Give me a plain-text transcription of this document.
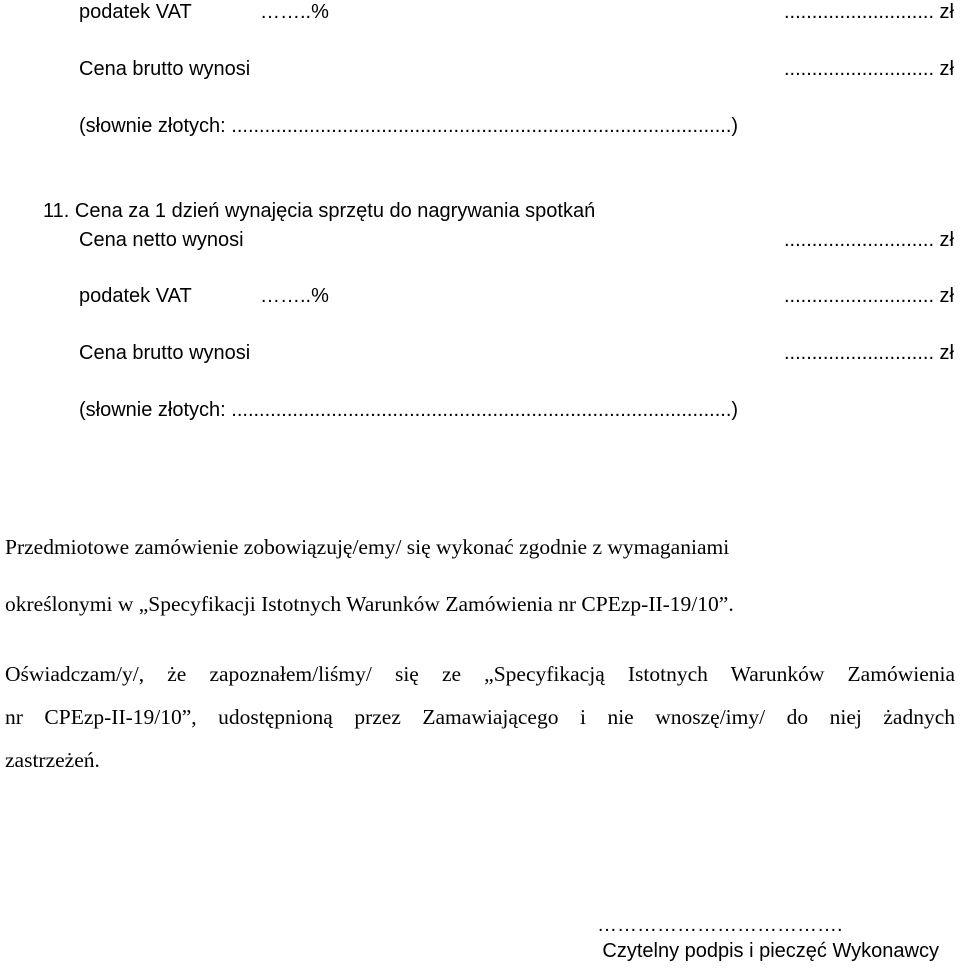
podatek VAT	……..%	........................... zł
Cena brutto wynosi	........................... zł
(słownie złotych: ..........................................................................................)
11. Cena za 1 dzień wynajęcia sprzętu do nagrywania spotkań
Cena netto wynosi	........................... zł
podatek VAT	……..%	........................... zł
Cena brutto wynosi	........................... zł
(słownie złotych: ..........................................................................................)
Przedmiotowe zamówienie zobowiązuję/emy/ się wykonać zgodnie z wymaganiami
określonymi w „Specyfikacji Istotnych Warunków Zamówienia nr CPEzp-II-19/10”.
Oświadczam/y/, że zapoznałem/liśmy/ się ze „Specyfikacją Istotnych Warunków Zamówienia
nr CPEzp-II-19/10”, udostępnioną przez Zamawiającego i nie wnoszę/imy/ do niej żadnych
zastrzeżeń.
……………………………….
Czytelny podpis i pieczęć Wykonawcy
